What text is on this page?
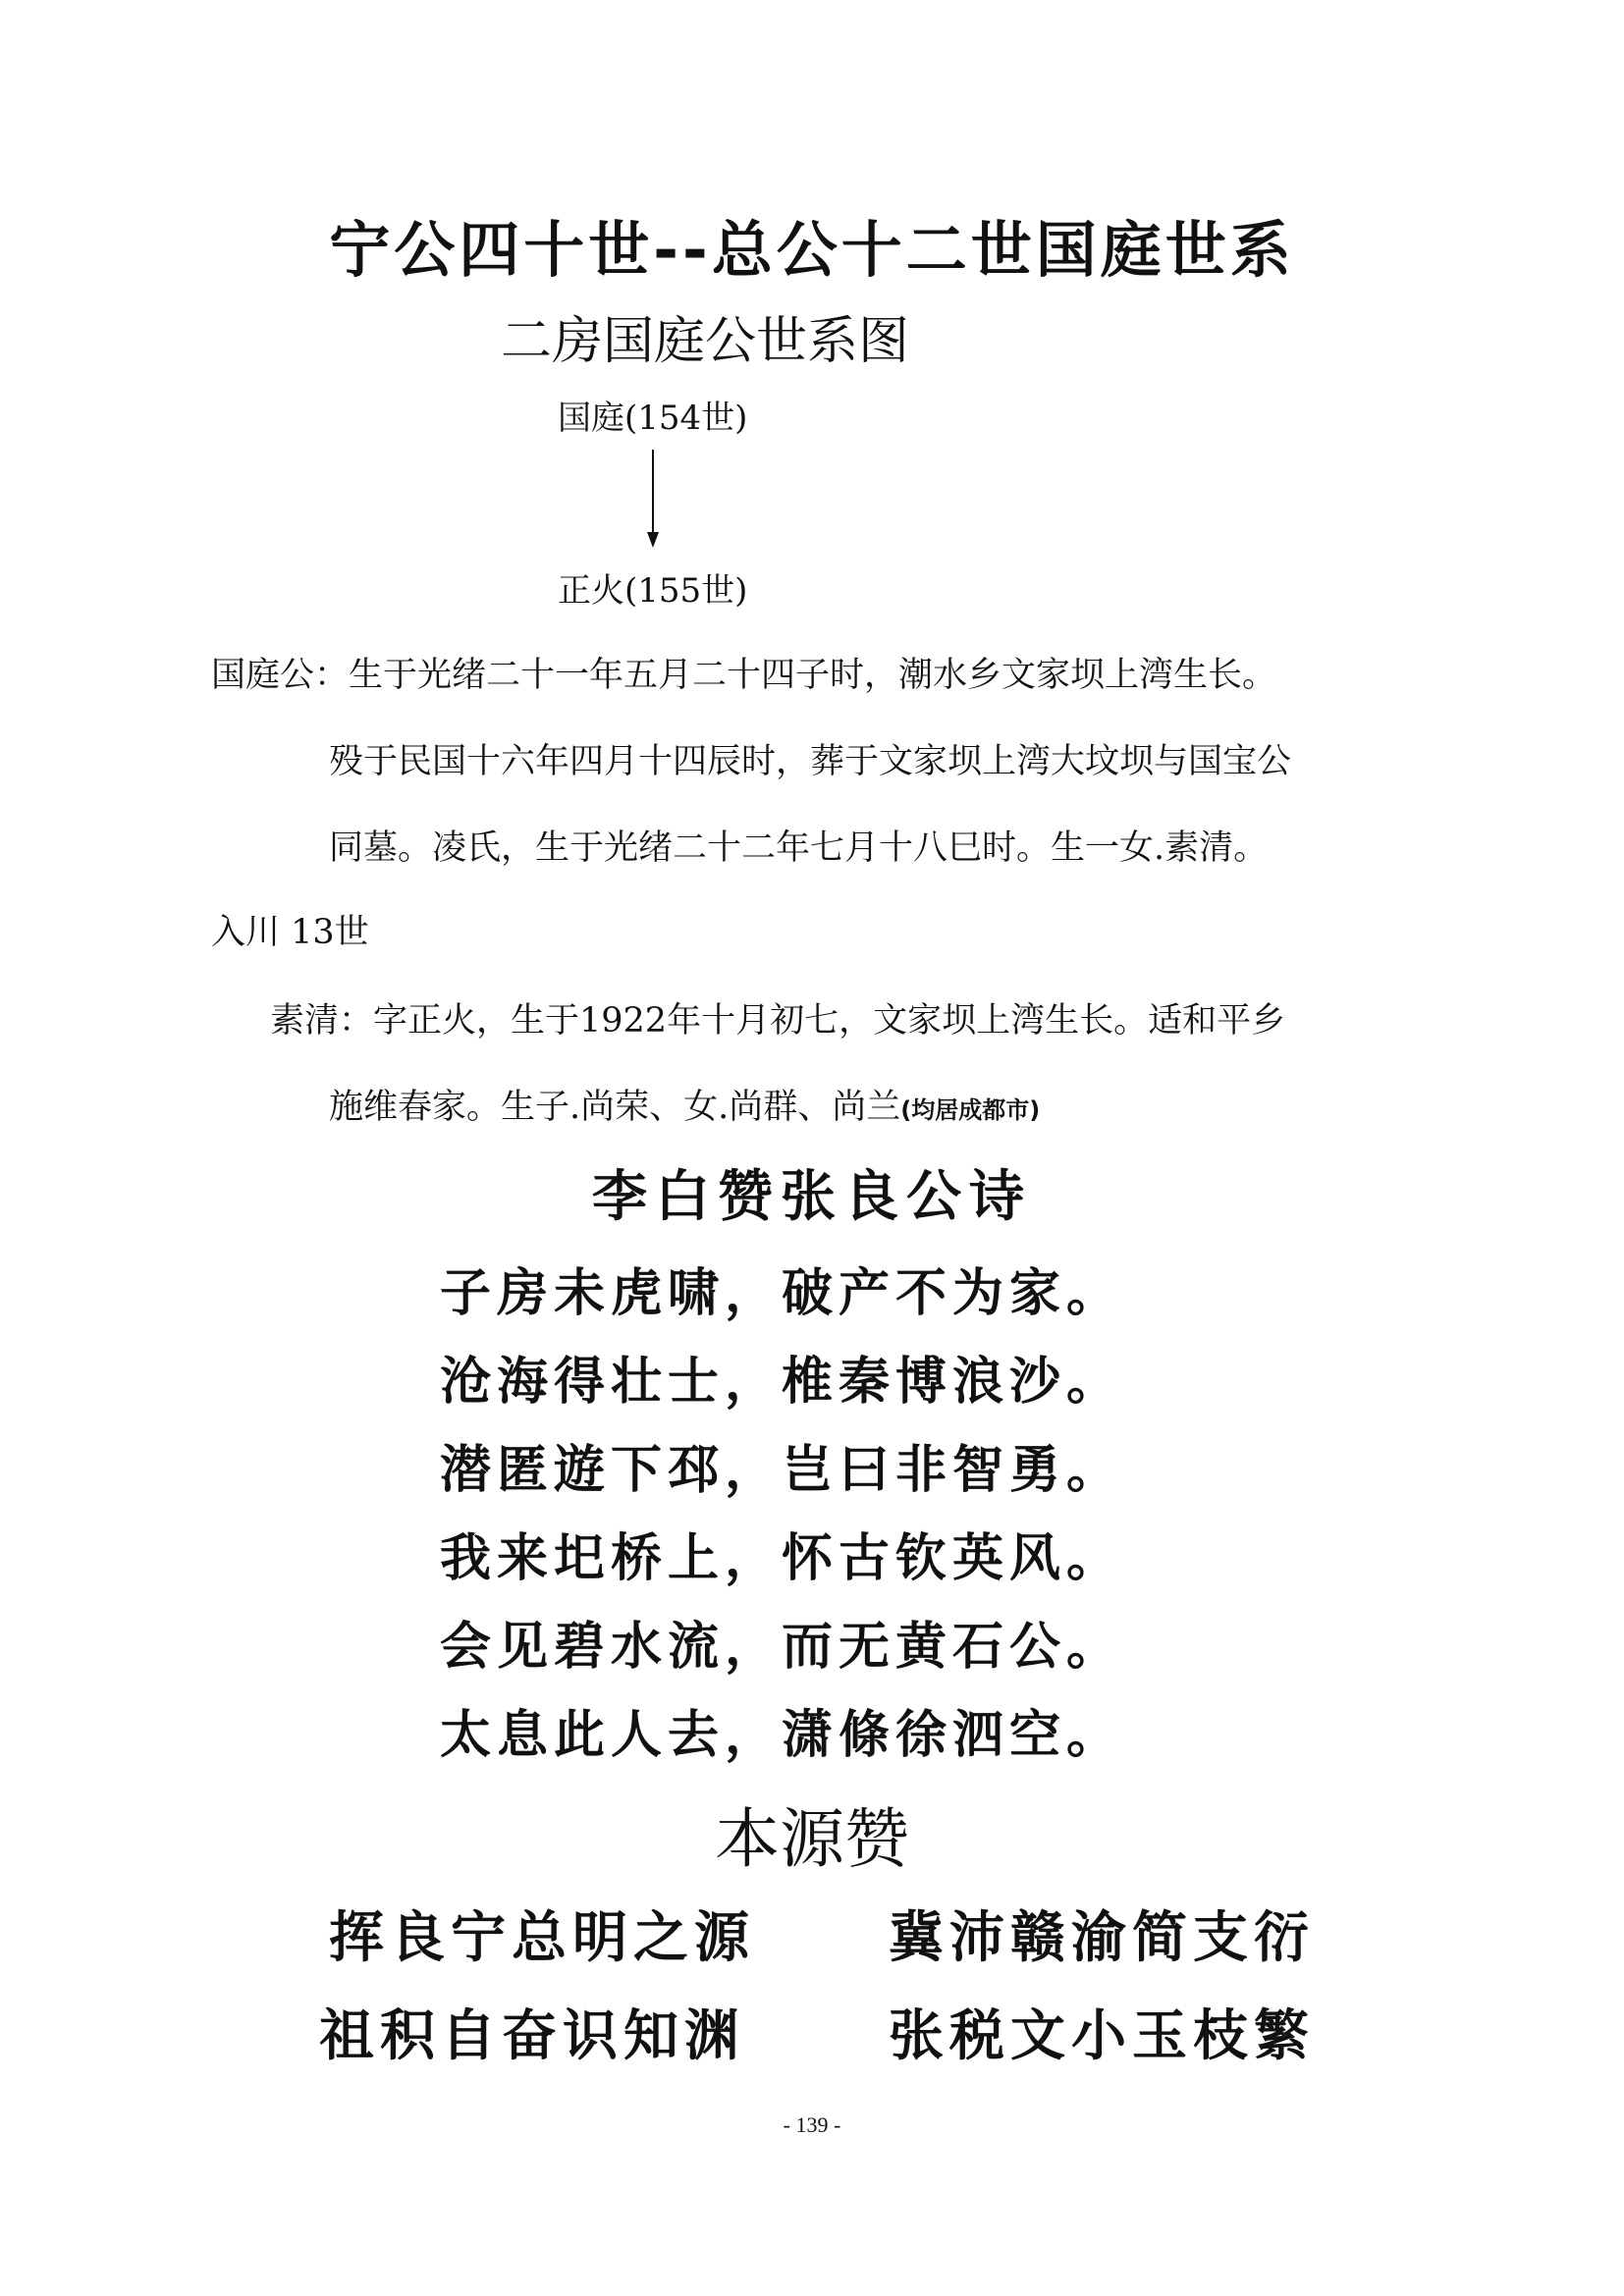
宁公四十世--总公十二世国庭世系
二房国庭公世系图
国庭(154世)
正火(155世)
国庭公：生于光绪二十一年五月二十四子时，潮水乡文家坝上湾生长。
殁于民国十六年四月十四辰时，葬于文家坝上湾大坟坝与国宝公
同墓。凌氏，生于光绪二十二年七月十八巳时。生一女.素清。
入川 13世
素清：字正火，生于1922年十月初七，文家坝上湾生长。适和平乡
施维春家。生子.尚荣、女.尚群、尚兰(均居成都市)
李白赞张良公诗
子房未虎啸，破产不为家。
沧海得壮士，椎秦博浪沙。
潜匿遊下邳，岂曰非智勇。
我来圯桥上，怀古钦英风。
会见碧水流，而无黄石公。
太息此人去，潇條徐泗空。
本源赞
挥良宁总明之源 冀沛赣渝简支衍
祖积自奋识知渊	张税文小玉枝繁
- 139 -
